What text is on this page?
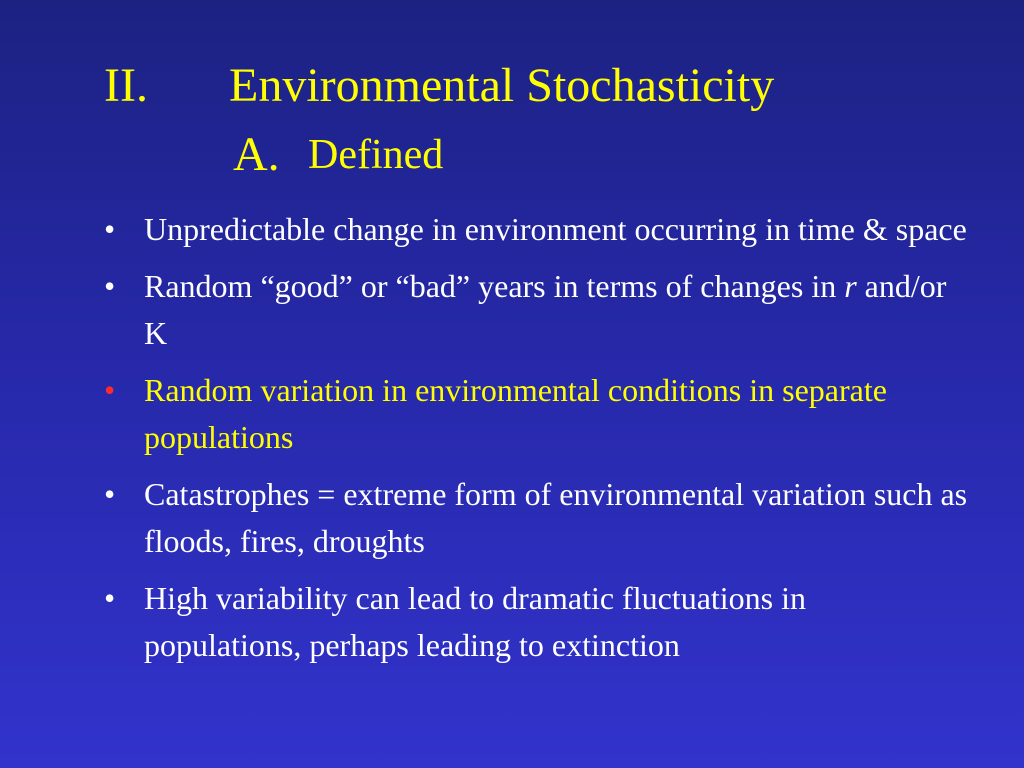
II. Environmental Stochasticity
A. Defined
• Unpredictable change in environment occurring in time & space
• Random “good” or “bad” years in terms of changes in r and/or K
• Random variation in environmental conditions in separate populations
• Catastrophes = extreme form of environmental variation such as floods, fires, droughts
• High variability can lead to dramatic fluctuations in populations, perhaps leading to extinction
